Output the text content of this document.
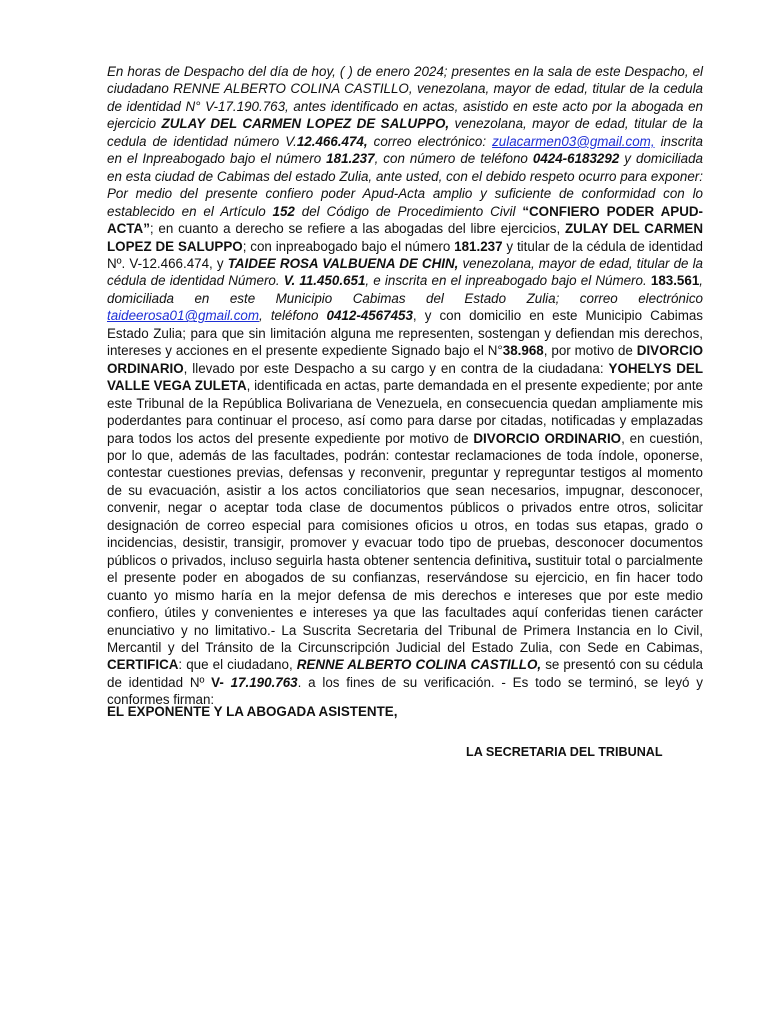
En horas de Despacho del día de hoy, ( ) de enero 2024; presentes en la sala de este Despacho, el ciudadano RENNE ALBERTO COLINA CASTILLO, venezolana, mayor de edad, titular de la cedula de identidad N° V-17.190.763, antes identificado en actas, asistido en este acto por la abogada en ejercicio ZULAY DEL CARMEN LOPEZ DE SALUPPO, venezolana, mayor de edad, titular de la cedula de identidad número V.12.466.474, correo electrónico: zulacarmen03@gmail.com, inscrita en el Inpreabogado bajo el número 181.237, con número de teléfono 0424-6183292 y domiciliada en esta ciudad de Cabimas del estado Zulia, ante usted, con el debido respeto ocurro para exponer: Por medio del presente confiero poder Apud-Acta amplio y suficiente de conformidad con lo establecido en el Artículo 152 del Código de Procedimiento Civil “CONFIERO PODER APUD-ACTA”; en cuanto a derecho se refiere a las abogadas del libre ejercicios, ZULAY DEL CARMEN LOPEZ DE SALUPPO; con inpreabogado bajo el número 181.237 y titular de la cédula de identidad Nº. V-12.466.474, y TAIDEE ROSA VALBUENA DE CHIN, venezolana, mayor de edad, titular de la cédula de identidad Número. V. 11.450.651, e inscrita en el inpreabogado bajo el Número. 183.561, domiciliada en este Municipio Cabimas del Estado Zulia; correo electrónico taideerosa01@gmail.com, teléfono 0412-4567453, y con domicilio en este Municipio Cabimas Estado Zulia; para que sin limitación alguna me representen, sostengan y defiendan mis derechos, intereses y acciones en el presente expediente Signado bajo el N°38.968, por motivo de DIVORCIO ORDINARIO, llevado por este Despacho a su cargo y en contra de la ciudadana: YOHELYS DEL VALLE VEGA ZULETA, identificada en actas, parte demandada en el presente expediente; por ante este Tribunal de la República Bolivariana de Venezuela, en consecuencia quedan ampliamente mis poderdantes para continuar el proceso, así como para darse por citadas, notificadas y emplazadas para todos los actos del presente expediente por motivo de DIVORCIO ORDINARIO, en cuestión, por lo que, además de las facultades, podrán: contestar reclamaciones de toda índole, oponerse, contestar cuestiones previas, defensas y reconvenir, preguntar y repreguntar testigos al momento de su evacuación, asistir a los actos conciliatorios que sean necesarios, impugnar, desconocer, convenir, negar o aceptar toda clase de documentos públicos o privados entre otros, solicitar designación de correo especial para comisiones oficios u otros, en todas sus etapas, grado o incidencias, desistir, transigir, promover y evacuar todo tipo de pruebas, desconocer documentos públicos o privados, incluso seguirla hasta obtener sentencia definitiva, sustituir total o parcialmente el presente poder en abogados de su confianzas, reservándose su ejercicio, en fin hacer todo cuanto yo mismo haría en la mejor defensa de mis derechos e intereses que por este medio confiero, útiles y convenientes e intereses ya que las facultades aquí conferidas tienen carácter enunciativo y no limitativo.- La Suscrita Secretaria del Tribunal de Primera Instancia en lo Civil, Mercantil y del Tránsito de la Circunscripción Judicial del Estado Zulia, con Sede en Cabimas, CERTIFICA: que el ciudadano, RENNE ALBERTO COLINA CASTILLO, se presentó con su cédula de identidad Nº V- 17.190.763. a los fines de su verificación. - Es todo se terminó, se leyó y conformes firman:

EL EXPONENTE Y LA ABOGADA ASISTENTE,
LA SECRETARIA DEL TRIBUNAL
